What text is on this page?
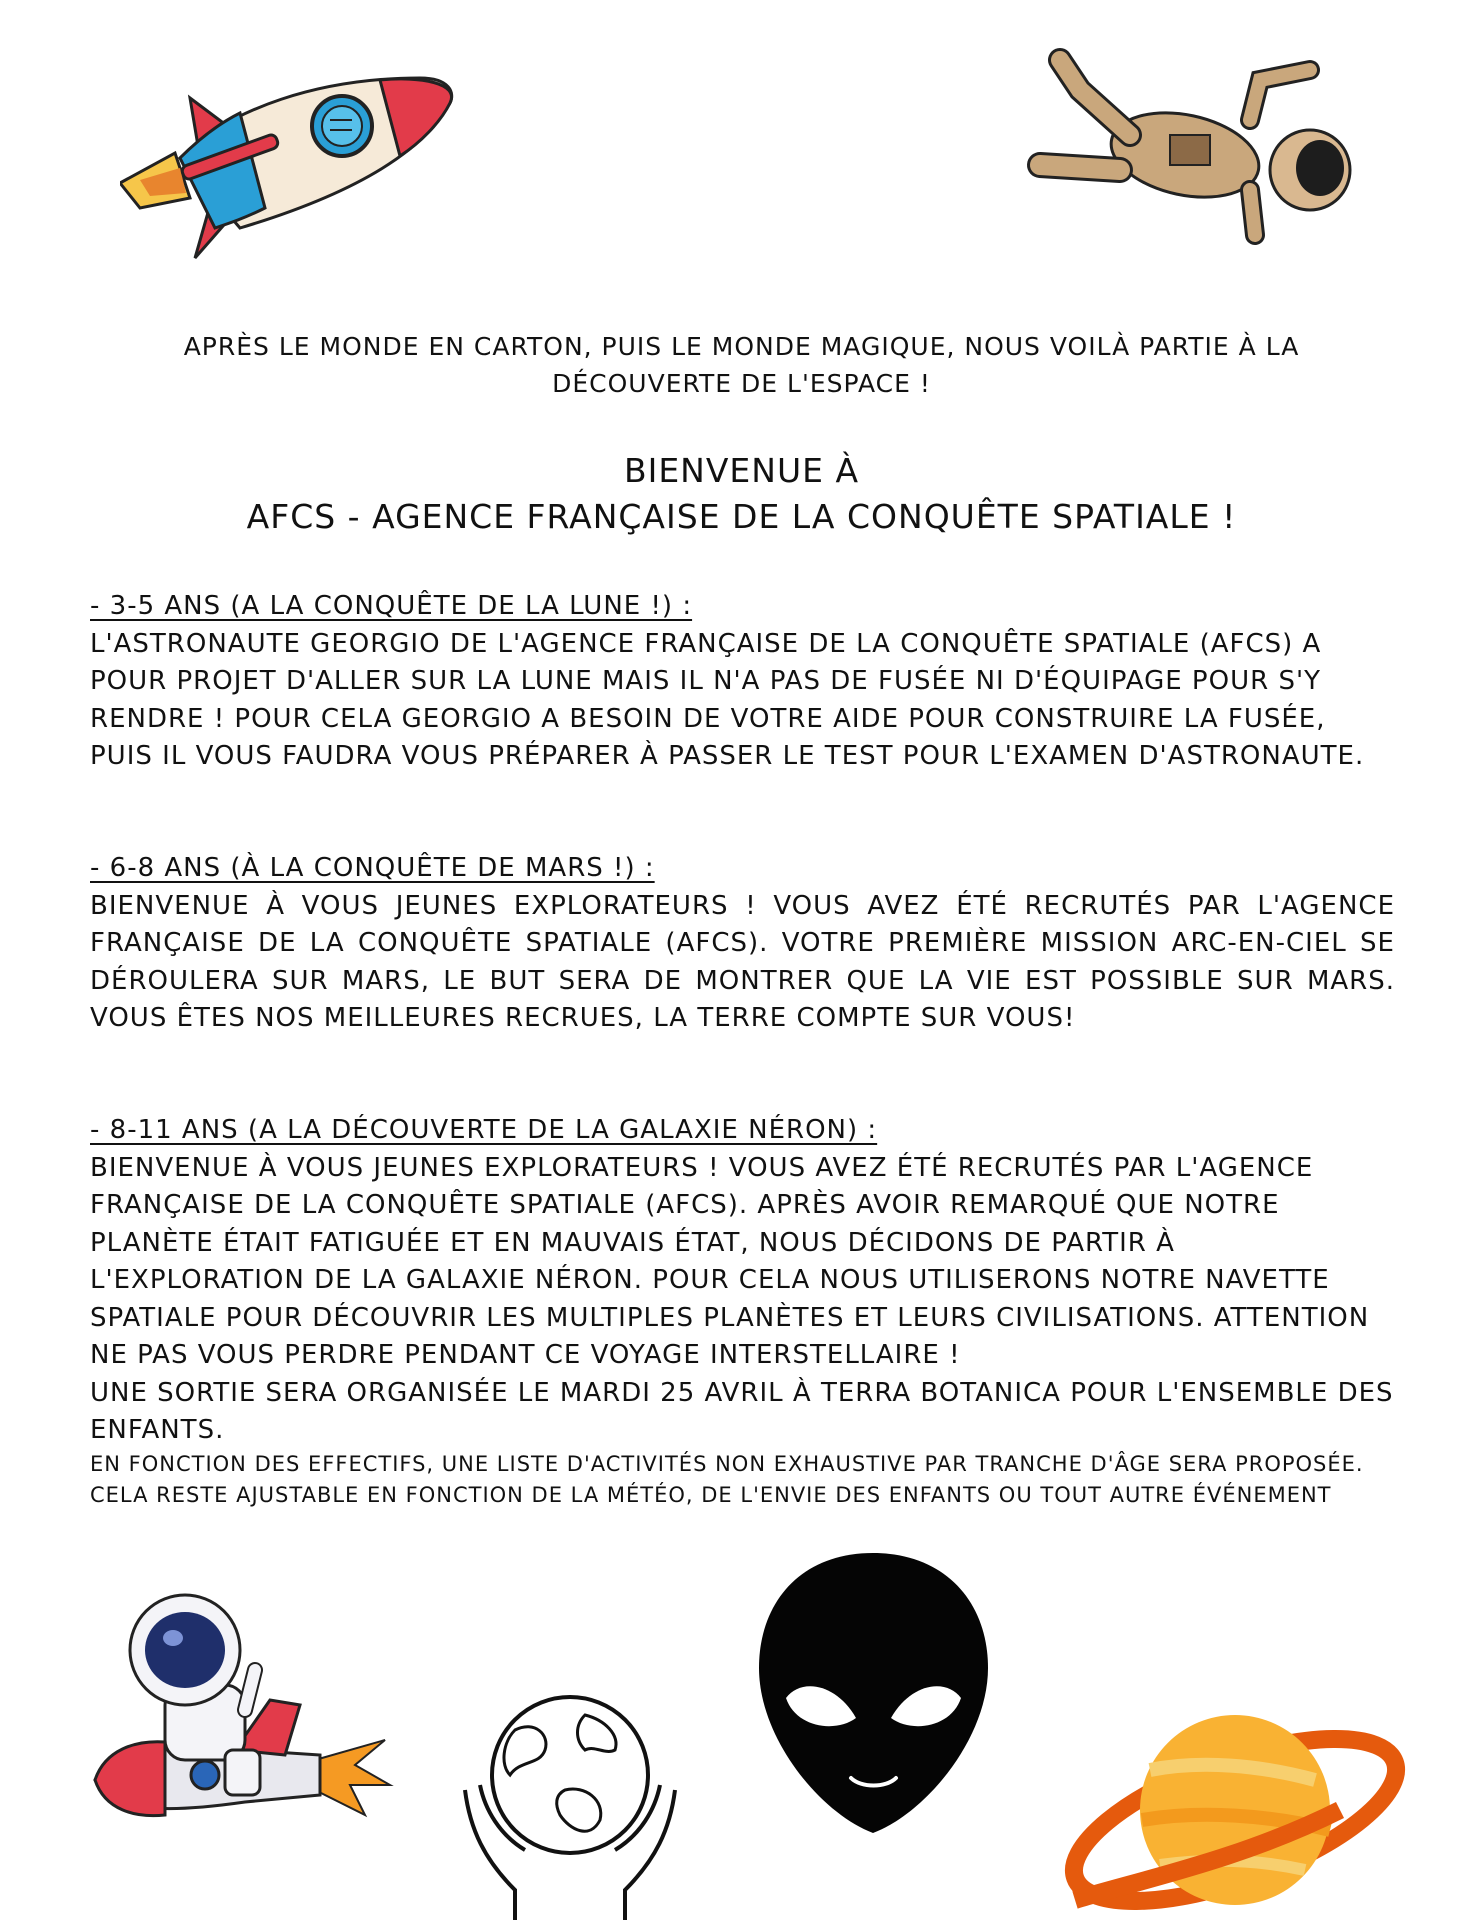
APRÈS LE MONDE EN CARTON, PUIS LE MONDE MAGIQUE, NOUS VOILÀ PARTIE À LA DÉCOUVERTE DE L'ESPACE !
BIENVENUE À
AFCS - AGENCE FRANÇAISE DE LA CONQUÊTE SPATIALE !
- 3-5 ANS (A LA CONQUÊTE DE LA LUNE !) :
L'ASTRONAUTE GEORGIO DE L'AGENCE FRANÇAISE DE LA CONQUÊTE SPATIALE (AFCS) A POUR PROJET D'ALLER SUR LA LUNE MAIS IL N'A PAS DE FUSÉE NI D'ÉQUIPAGE POUR S'Y RENDRE ! POUR CELA GEORGIO A BESOIN DE VOTRE AIDE POUR CONSTRUIRE LA FUSÉE, PUIS IL VOUS FAUDRA VOUS PRÉPARER À PASSER LE TEST POUR L'EXAMEN D'ASTRONAUTE.
- 6-8 ANS (À LA CONQUÊTE DE MARS !) :
BIENVENUE À VOUS JEUNES EXPLORATEURS ! VOUS AVEZ ÉTÉ RECRUTÉS PAR L'AGENCE FRANÇAISE DE LA CONQUÊTE SPATIALE (AFCS). VOTRE PREMIÈRE MISSION ARC-EN-CIEL SE DÉROULERA SUR MARS, LE BUT SERA DE MONTRER QUE LA VIE EST POSSIBLE SUR MARS. VOUS ÊTES NOS MEILLEURES RECRUES, LA TERRE COMPTE SUR VOUS!
- 8-11 ANS (A LA DÉCOUVERTE DE LA GALAXIE NÉRON) :
BIENVENUE À VOUS JEUNES EXPLORATEURS ! VOUS AVEZ ÉTÉ RECRUTÉS PAR L'AGENCE FRANÇAISE DE LA CONQUÊTE SPATIALE (AFCS). APRÈS AVOIR REMARQUÉ QUE NOTRE PLANÈTE ÉTAIT FATIGUÉE ET EN MAUVAIS ÉTAT, NOUS DÉCIDONS DE PARTIR À L'EXPLORATION DE LA GALAXIE NÉRON. POUR CELA NOUS UTILISERONS NOTRE NAVETTE SPATIALE POUR DÉCOUVRIR LES MULTIPLES PLANÈTES ET LEURS CIVILISATIONS. ATTENTION NE PAS VOUS PERDRE PENDANT CE VOYAGE INTERSTELLAIRE !
UNE SORTIE SERA ORGANISÉE LE MARDI 25 AVRIL À TERRA BOTANICA POUR L'ENSEMBLE DES ENFANTS.
EN FONCTION DES EFFECTIFS, UNE LISTE D'ACTIVITÉS NON EXHAUSTIVE PAR TRANCHE D'ÂGE SERA PROPOSÉE. CELA RESTE AJUSTABLE EN FONCTION DE LA MÉTÉO, DE L'ENVIE DES ENFANTS OU TOUT AUTRE ÉVÉNEMENT
